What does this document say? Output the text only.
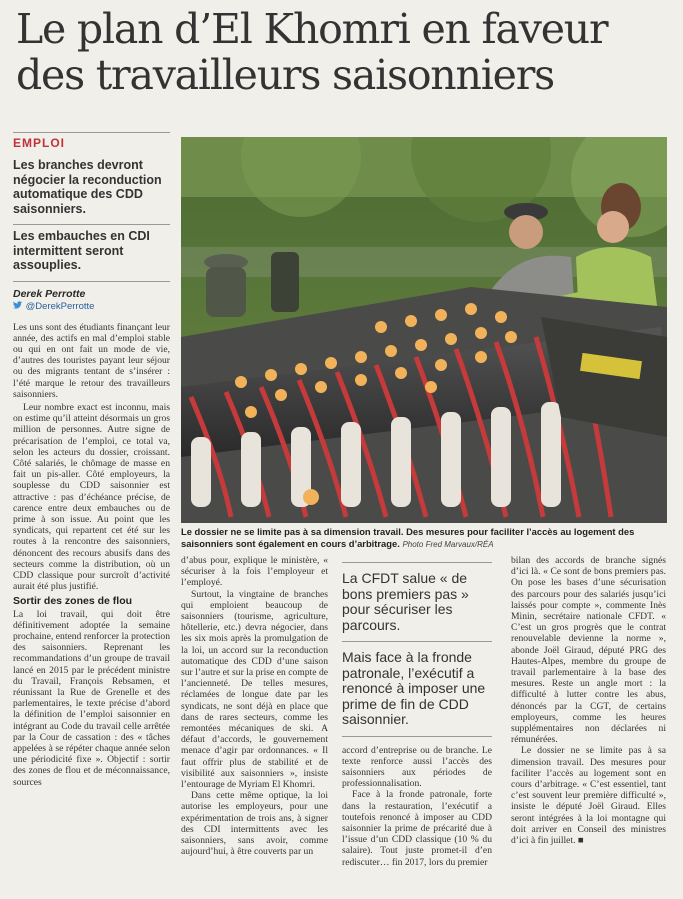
Le plan d’El Khomri en faveur des travailleurs saisonniers
EMPLOI
Les branches devront négocier la reconduction automatique des CDD saisonniers.
Les embauches en CDI intermittent seront assouplies.
Derek Perrotte
@DerekPerrotte

Les uns sont des étudiants finançant leur année, des actifs en mal d’emploi stable ou qui en ont fait un mode de vie, d’autres des touristes payant leur séjour ou des migrants tentant de s’insérer : l’été marque le retour des travailleurs saisonniers.

Leur nombre exact est inconnu, mais on estime qu’il atteint désormais un gros million de personnes. Autre signe de précarisation de l’emploi, ce total va, selon les acteurs du dossier, croissant. Côté salariés, le chômage de masse en fait un pis-aller. Côté employeurs, la souplesse du CDD saisonnier est attractive : pas d’échéance précise, de carence entre deux embauches ou de prime à son issue. Au point que les syndicats, qui repartent cet été sur les routes à la rencontre des saisonniers, dénoncent des recours abusifs dans des secteurs comme la distribution, où un CDD classique pour surcroît d’activité aurait été plus justifié.

Sortir des zones de flou

La loi travail, qui doit être définitivement adoptée la semaine prochaine, entend renforcer la protection des saisonniers. Reprenant les recommandations d’un groupe de travail lancé en 2015 par le précédent ministre du Travail, François Rebsamen, et réunissant la Rue de Grenelle et des parlementaires, le texte précise d’abord la définition de l’emploi saisonnier en intégrant au Code du travail celle arrêtée par la Cour de cassation : des « tâches appelées à se répéter chaque année selon une périodicité fixe ». Objectif : sortir des zones de flou et de méconnaissance, sources

Le dossier ne se limite pas à sa dimension travail. Des mesures pour faciliter l’accès au logement des saisonniers sont également en cours d’arbitrage. Photo Fred Marvaux/RÉA

d’abus pour, explique le ministère, « sécuriser à la fois l’employeur et l’employé.

Surtout, la vingtaine de branches qui emploient beaucoup de saisonniers (tourisme, agriculture, hôtellerie, etc.) devra négocier, dans les six mois après la promulgation de la loi, un accord sur la reconduction automatique des CDD d’une saison sur l’autre et sur la prise en compte de l’ancienneté. De telles mesures, réclamées de longue date par les syndicats, ne sont déjà en place que dans de rares secteurs, comme les remontées mécaniques de ski. A défaut d’accords, le gouvernement menace d’agir par ordonnances. « Il faut offrir plus de stabilité et de visibilité aux saisonniers », insiste l’entourage de Myriam El Khomri.

Dans cette même optique, la loi autorise les employeurs, pour une expérimentation de trois ans, à signer des CDI intermittents avec les saisonniers, sans avoir, comme aujourd’hui, à être couverts par un

La CFDT salue « de bons premiers pas » pour sécuriser les parcours.
Mais face à la fronde patronale, l’exécutif a renoncé à imposer une prime de fin de CDD saisonnier.

accord d’entreprise ou de branche. Le texte renforce aussi l’accès des saisonniers aux périodes de professionnalisation.

Face à la fronde patronale, forte dans la restauration, l’exécutif a toutefois renoncé à imposer au CDD saisonnier la prime de précarité due à l’issue d’un CDD classique (10 % du salaire). Tout juste promet-il d’en rediscuter… fin 2017, lors du premier

bilan des accords de branche signés d’ici là. « Ce sont de bons premiers pas. On pose les bases d’une sécurisation des parcours pour des salariés jusqu’ici laissés pour compte », commente Inès Minin, secrétaire nationale CFDT. « C’est un gros progrès que le contrat renouvelable devienne la norme », abonde Joël Giraud, député PRG des Hautes-Alpes, membre du groupe de travail parlementaire à la base des mesures. Reste un angle mort : la difficulté à lutter contre les abus, dénoncés par la CGT, de certains employeurs, comme les heures supplémentaires non déclarées ni rémunérées.

Le dossier ne se limite pas à sa dimension travail. Des mesures pour faciliter l’accès au logement sont en cours d’arbitrage. « C’est essentiel, tant c’est souvent leur première difficulté », insiste le député Joël Giraud. Elles seront intégrées à la loi montagne qui doit arriver en Conseil des ministres d’ici à fin juillet. ■
